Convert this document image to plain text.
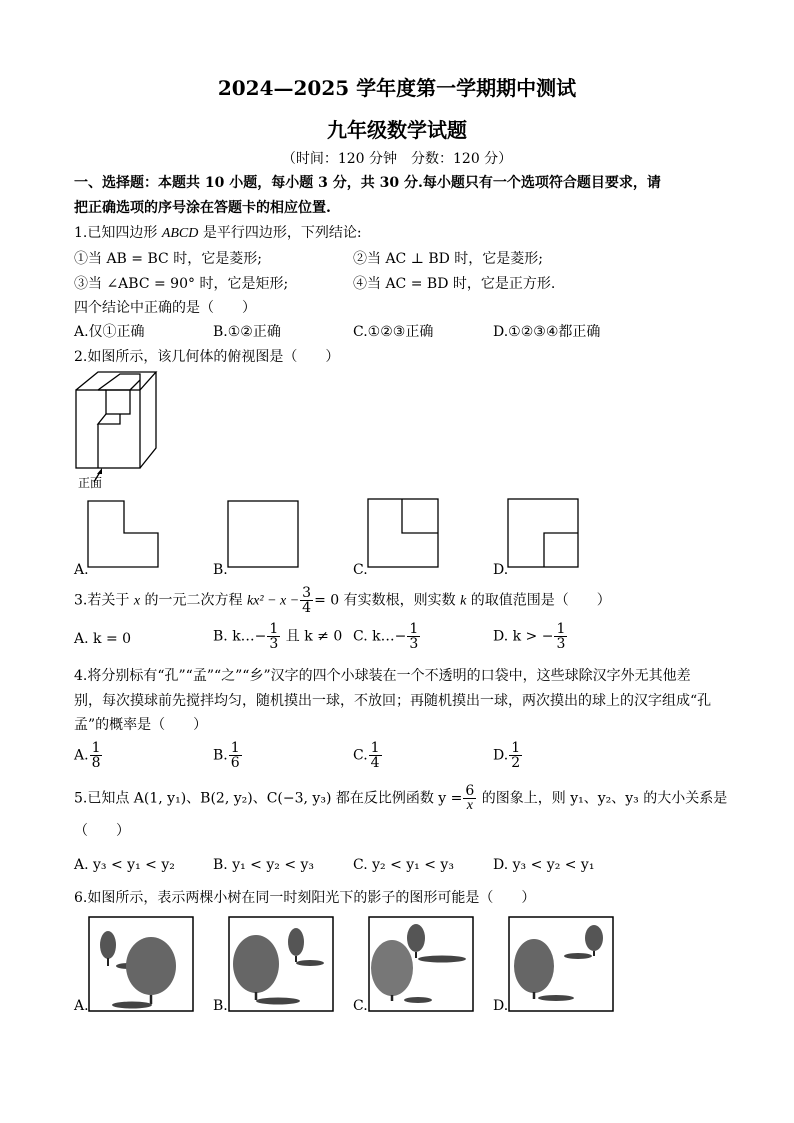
2024—2025 学年度第一学期期中测试
九年级数学试题
（时间：120 分钟　分数：120 分）
一、选择题：本题共 10 小题，每小题 3 分，共 30 分.每小题只有一个选项符合题目要求，请
把正确选项的序号涂在答题卡的相应位置.
1.已知四边形 ABCD 是平行四边形，下列结论:
①当 AB = BC 时，它是菱形;	②当 AC ⊥ BD 时，它是菱形;
③当 ∠ABC = 90° 时，它是矩形;	④当 AC = BD 时，它是正方形.
四个结论中正确的是（　　）
A.仅①正确	B.①②正确	C.①②③正确	D.①②③④都正确
2.如图所示，该几何体的俯视图是（　　）
正面
A.	B.	C.	D.
3.若关于 x 的一元二次方程 $kx^2 - x - \frac{3}{4} = 0$ 有实数根，则实数 k 的取值范围是（　　）
A. k = 0	B. k…− $\frac{1}{3}$ 且 k ≠ 0 C. k…− $\frac{1}{3}$	D. k > − $\frac{1}{3}$
4.将分别标有“孔”“孟”“之”“乡”汉字的四个小球装在一个不透明的口袋中，这些球除汉字外无其他差
别，每次摸球前先搅拌均匀，随机摸出一球，不放回；再随机摸出一球，两次摸出的球上的汉字组成“孔
孟”的概率是（　　）
A. $\frac{1}{8}$	B. $\frac{1}{6}$	C. $\frac{1}{4}$	D. $\frac{1}{2}$
5.已知点 A(1, y₁)、B(2, y₂)、C(−3, y₃) 都在反比例函数 $y = \frac{6}{x}$ 的图象上，则 y₁、y₂、y₃ 的大小关系是
（　　）
A. y₃ < y₁ < y₂	B. y₁ < y₂ < y₃	C. y₂ < y₁ < y₃	D. y₃ < y₂ < y₁
6.如图所示，表示两棵小树在同一时刻阳光下的影子的图形可能是（　　）
A.	B.	C.	D.
